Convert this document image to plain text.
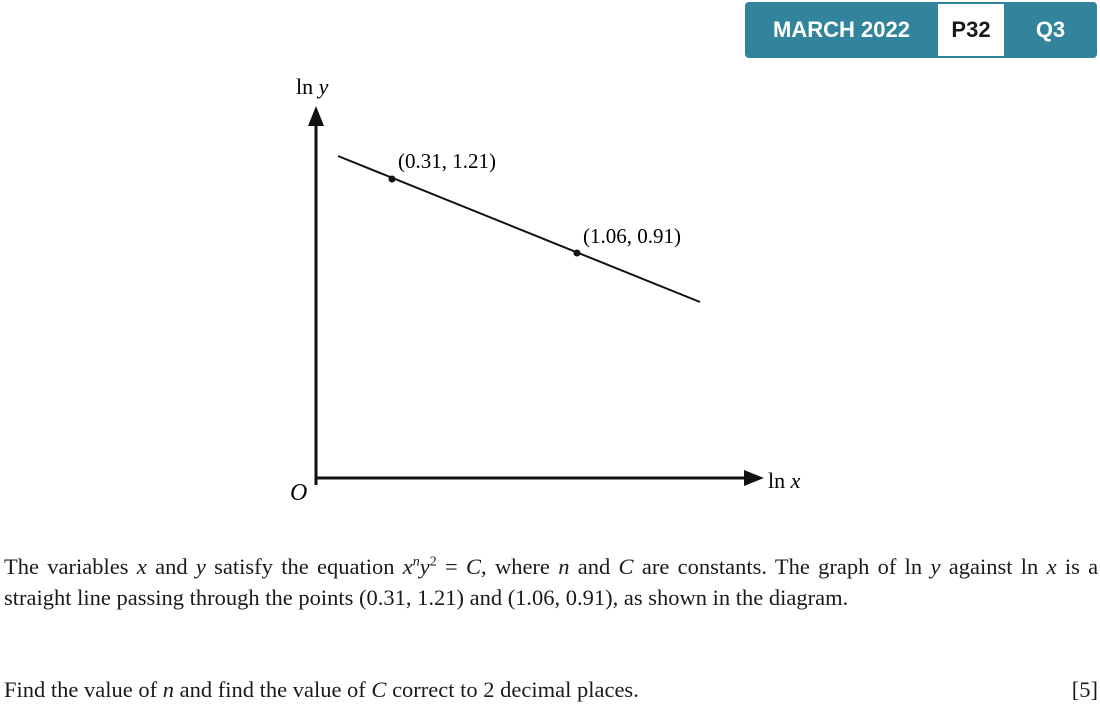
MARCH 2022	P32	Q3
ln y
ln x
O
(0.31, 1.21)
(1.06, 0.91)
The variables x and y satisfy the equation $x^ny^2 = C$, where n and C are constants. The graph of ln y against ln x is a straight line passing through the points (0.31, 1.21) and (1.06, 0.91), as shown in the diagram.
Find the value of n and find the value of C correct to 2 decimal places.	[5]
